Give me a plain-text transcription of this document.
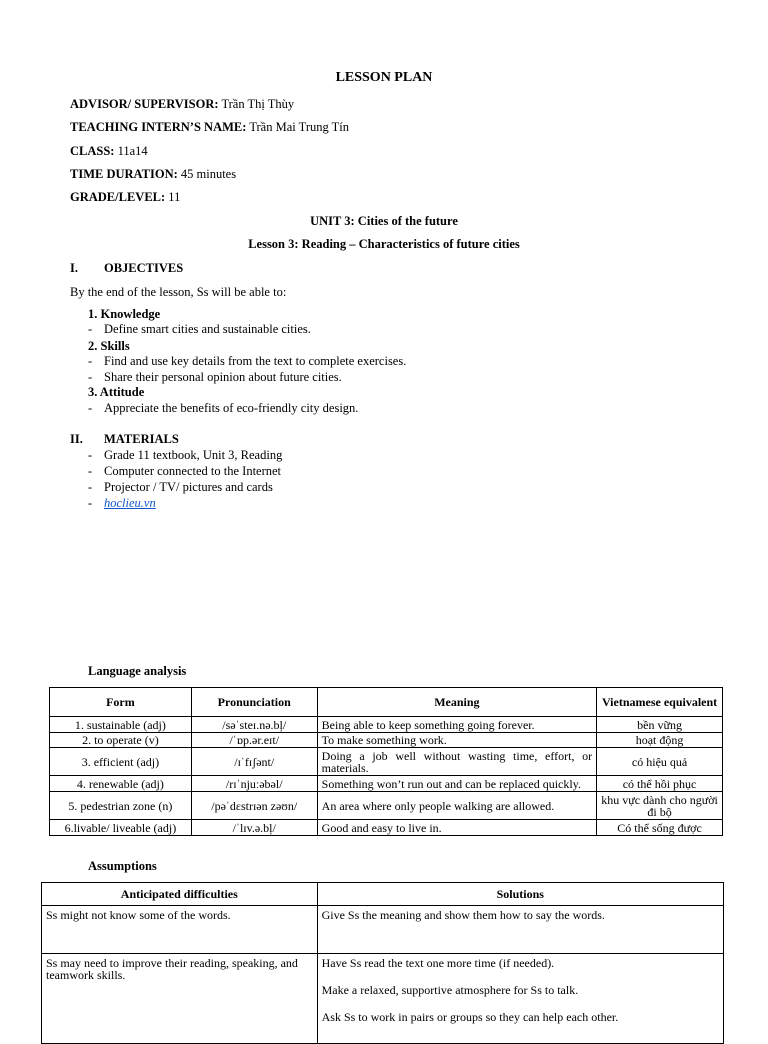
LESSON PLAN
ADVISOR/ SUPERVISOR: Trần Thị Thùy
TEACHING INTERN’S NAME: Trần Mai Trung Tín
CLASS: 11a14
TIME DURATION: 45 minutes
GRADE/LEVEL: 11
UNIT 3: Cities of the future
Lesson 3: Reading – Characteristics of future cities
I. OBJECTIVES
By the end of the lesson, Ss will be able to:
1. Knowledge
- Define smart cities and sustainable cities.
2. Skills
- Find and use key details from the text to complete exercises.
- Share their personal opinion about future cities.
3. Attitude
- Appreciate the benefits of eco-friendly city design.
II. MATERIALS
- Grade 11 textbook, Unit 3, Reading
- Computer connected to the Internet
- Projector / TV/ pictures and cards
- hoclieu.vn
Language analysis
Form	Pronunciation	Meaning	Vietnamese equivalent
1. sustainable (adj)	/səˈsteɪ.nə.bļ/	Being able to keep something going forever.	bền vững
2. to operate (v)	/ˈɒp.ər.eɪt/	To make something work.	hoạt động
3. efficient (adj)	/ɪˈfɪʃənt/	Doing a job well without wasting time, effort, or materials.	có hiệu quả
4. renewable (adj)	/rɪˈnjuːəbəl/	Something won’t run out and can be replaced quickly.	có thể hồi phục
5. pedestrian zone (n)	/pəˈdɛstrɪən zəʊn/	An area where only people walking are allowed.	khu vực dành cho người đi bộ
6.livable/ liveable (adj)	/ˈlɪv.ə.bļ/	Good and easy to live in.	Có thể sống được
Assumptions
Anticipated difficulties	Solutions
Ss might not know some of the words.	Give Ss the meaning and show them how to say the words.

Ss may need to improve their reading, speaking, and teamwork skills.	Have Ss read the text one more time (if needed).

Make a relaxed, supportive atmosphere for Ss to talk.

Ask Ss to work in pairs or groups so they can help each other.
